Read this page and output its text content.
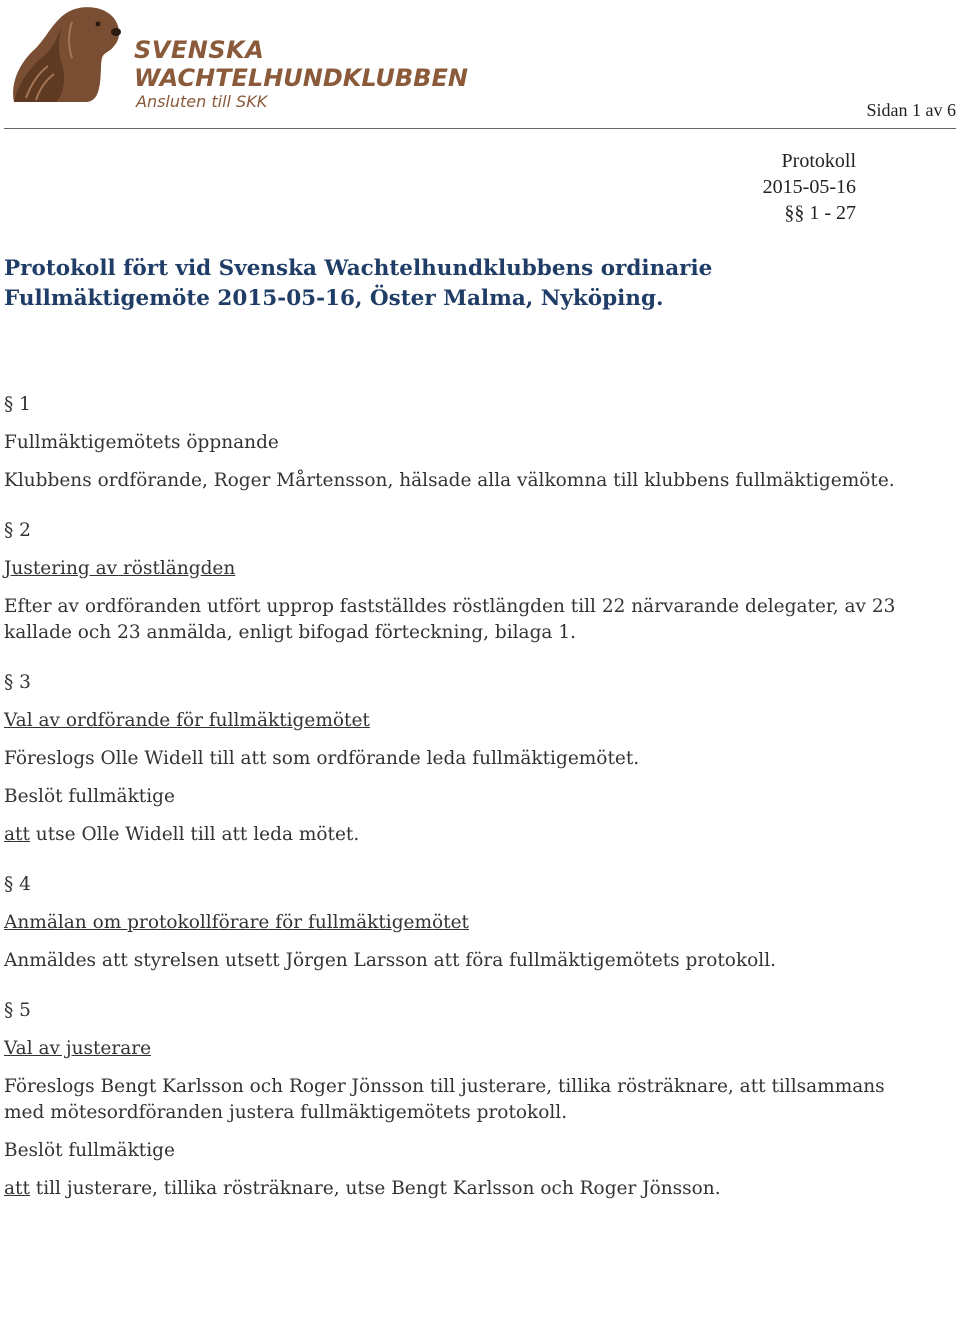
SVENSKA
WACHTELHUNDKLUBBEN
Ansluten till SKK	Sidan 1 av 6
Protokoll
2015-05-16
§§ 1 - 27
Protokoll fört vid Svenska Wachtelhundklubbens ordinarie
Fullmäktigemöte 2015-05-16, Öster Malma, Nyköping.

§ 1

Fullmäktigemötets öppnande

Klubbens ordförande, Roger Mårtensson, hälsade alla välkomna till klubbens fullmäktigemöte.

§ 2

Justering av röstlängden

Efter av ordföranden utfört upprop fastställdes röstlängden till 22 närvarande delegater, av 23 kallade och 23 anmälda, enligt bifogad förteckning, bilaga 1.

§ 3

Val av ordförande för fullmäktigemötet

Föreslogs Olle Widell till att som ordförande leda fullmäktigemötet.

Beslöt fullmäktige

att utse Olle Widell till att leda mötet.

§ 4

Anmälan om protokollförare för fullmäktigemötet

Anmäldes att styrelsen utsett Jörgen Larsson att föra fullmäktigemötets protokoll.

§ 5

Val av justerare

Föreslogs Bengt Karlsson och Roger Jönsson till justerare, tillika rösträknare, att tillsammans med mötesordföranden justera fullmäktigemötets protokoll.

Beslöt fullmäktige

att till justerare, tillika rösträknare, utse Bengt Karlsson och Roger Jönsson.
